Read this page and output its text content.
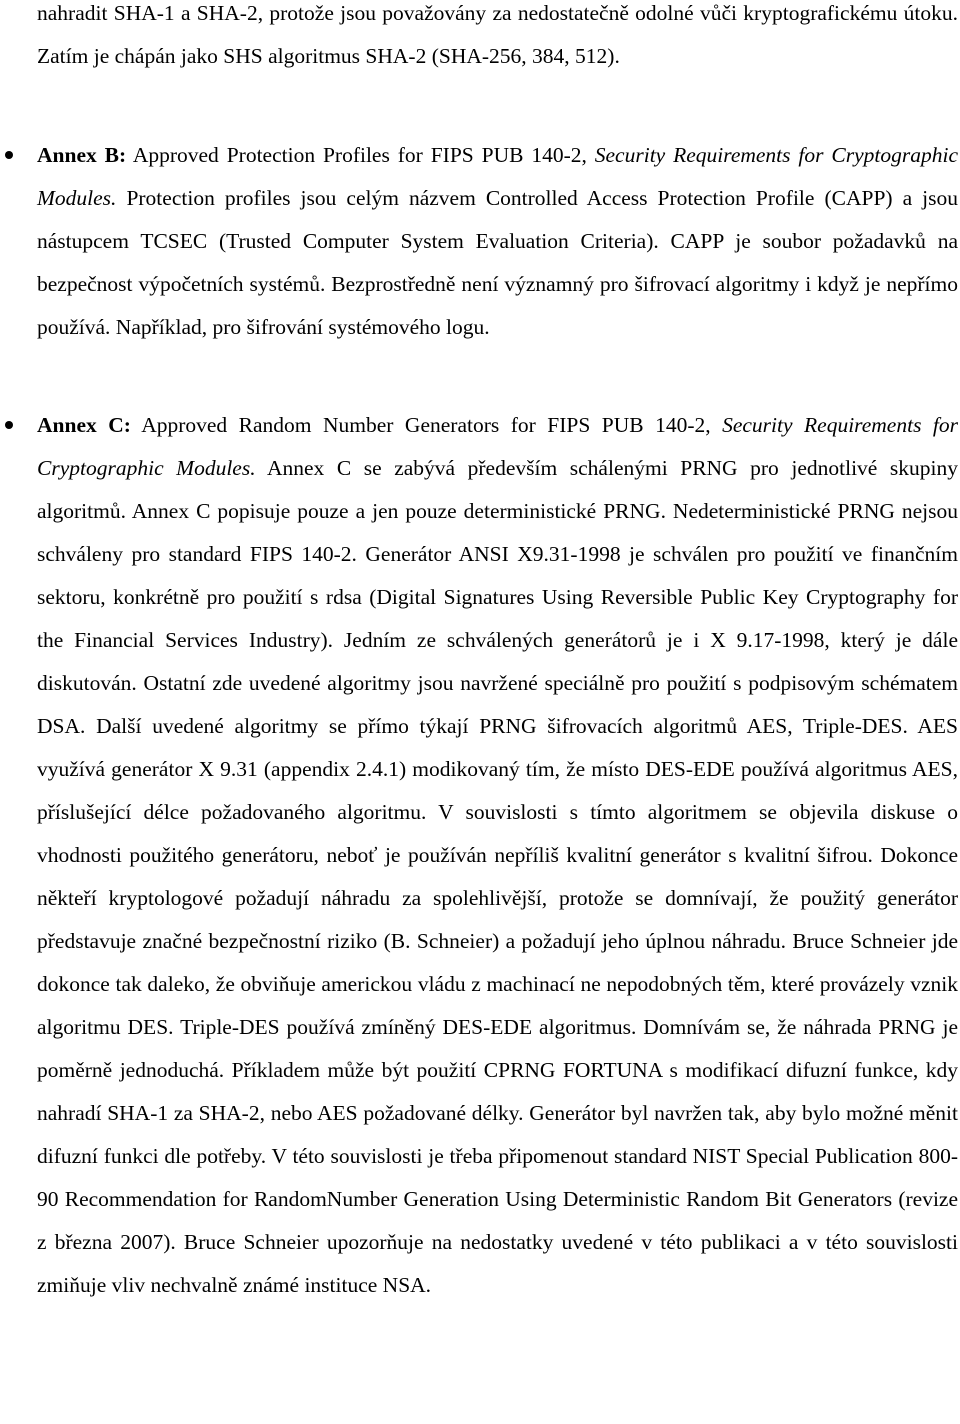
nahradit SHA-1 a SHA-2, protože jsou považovány za nedostatečně odolné vůči kryptografickému útoku. Zatím je chápán jako SHS algoritmus SHA-2 (SHA-256, 384, 512).

Annex B: Approved Protection Profiles for FIPS PUB 140-2, Security Requirements for Cryptographic Modules. Protection profiles jsou celým názvem Controlled Access Protection Profile (CAPP) a jsou nástupcem TCSEC (Trusted Computer System Evaluation Criteria). CAPP je soubor požadavků na bezpečnost výpočetních systémů. Bezprostředně není významný pro šifrovací algoritmy i když je nepřímo používá. Například, pro šifrování systémového logu.

Annex C: Approved Random Number Generators for FIPS PUB 140-2, Security Requirements for Cryptographic Modules. Annex C se zabývá především schálenými PRNG pro jednotlivé skupiny algoritmů. Annex C popisuje pouze a jen pouze deterministické PRNG. Nedeterministické PRNG nejsou schváleny pro standard FIPS 140-2. Generátor ANSI X9.31-1998 je schválen pro použití ve finančním sektoru, konkrétně pro použití s rdsa (Digital Signatures Using Reversible Public Key Cryptography for the Financial Services Industry). Jedním ze schválených generátorů je i X 9.17-1998, který je dále diskutován. Ostatní zde uvedené algoritmy jsou navržené speciálně pro použití s podpisovým schématem DSA. Další uvedené algoritmy se přímo týkají PRNG šifrovacích algoritmů AES, Triple-DES. AES využívá generátor X 9.31 (appendix 2.4.1) modikovaný tím, že místo DES-EDE používá algoritmus AES, příslušející délce požadovaného algoritmu. V souvislosti s tímto algoritmem se objevila diskuse o vhodnosti použitého generátoru, neboť je používán nepříliš kvalitní generátor s kvalitní šifrou. Dokonce někteří kryptologové požadují náhradu za spolehlivější, protože se domnívají, že použitý generátor představuje značné bezpečnostní riziko (B. Schneier) a požadují jeho úplnou náhradu. Bruce Schneier jde dokonce tak daleko, že obviňuje americkou vládu z machinací ne nepodobných těm, které provázely vznik algoritmu DES. Triple-DES používá zmíněný DES-EDE algoritmus. Domnívám se, že náhrada PRNG je poměrně jednoduchá. Příkladem může být použití CPRNG FORTUNA s modifikací difuzní funkce, kdy nahradí SHA-1 za SHA-2, nebo AES požadované délky. Generátor byl navržen tak, aby bylo možné měnit difuzní funkci dle potřeby. V této souvislosti je třeba připomenout standard NIST Special Publication 800-90 Recommendation for RandomNumber Generation Using Deterministic Random Bit Generators (revize z března 2007). Bruce Schneier upozorňuje na nedostatky uvedené v této publikaci a v této souvislosti zmiňuje vliv nechvalně známé instituce NSA.
